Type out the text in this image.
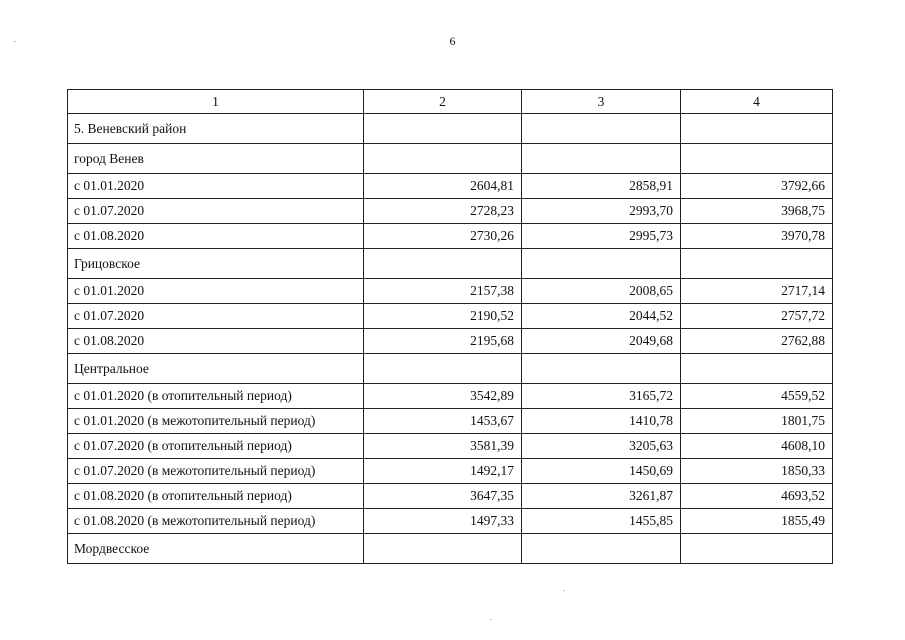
6
1	2	3	4
5. Веневский район			
город Венев			
с 01.01.2020	2604,81	2858,91	3792,66
с 01.07.2020	2728,23	2993,70	3968,75
с 01.08.2020	2730,26	2995,73	3970,78
Грицовское			
с 01.01.2020	2157,38	2008,65	2717,14
с 01.07.2020	2190,52	2044,52	2757,72
с 01.08.2020	2195,68	2049,68	2762,88
Центральное			
с 01.01.2020 (в отопительный период)	3542,89	3165,72	4559,52
с 01.01.2020 (в межотопительный период)	1453,67	1410,78	1801,75
с 01.07.2020 (в отопительный период)	3581,39	3205,63	4608,10
с 01.07.2020 (в межотопительный период)	1492,17	1450,69	1850,33
с 01.08.2020 (в отопительный период)	3647,35	3261,87	4693,52
с 01.08.2020 (в межотопительный период)	1497,33	1455,85	1855,49
Мордвесское			
